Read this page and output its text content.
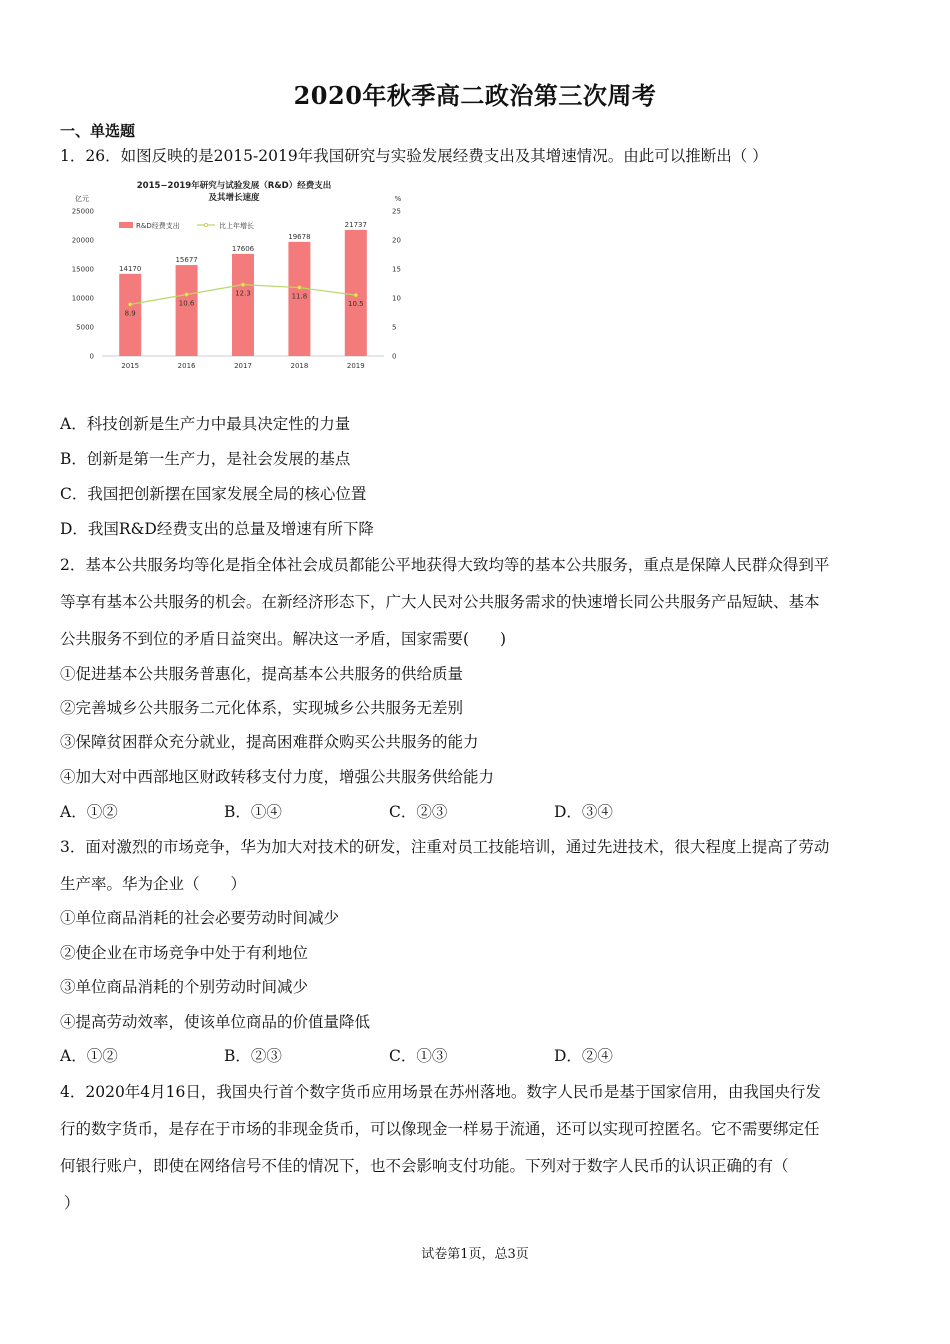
2020年秋季高二政治第三次周考
一、单选题
1．26．如图反映的是2015-2019年我国研究与实验发展经费支出及其增速情况。由此可以推断出（ ）
2015−2019年研究与试验发展（R&D）经费支出
及其增长速度
亿元	%
25000
20000
15000
10000
5000
0
25
20
15
10
5
0
2015	2016	2017	2018	2019
R&D经费支出	比上年增长
14170
15677
17606
19678
21737
8.9
10.6
12.3	11.8
10.5
A．科技创新是生产力中最具决定性的力量
B．创新是第一生产力，是社会发展的基点
C．我国把创新摆在国家发展全局的核心位置
D．我国R&D经费支出的总量及增速有所下降
2．基本公共服务均等化是指全体社会成员都能公平地获得大致均等的基本公共服务，重点是保障人民群众得到平
等享有基本公共服务的机会。在新经济形态下，广大人民对公共服务需求的快速增长同公共服务产品短缺、基本
公共服务不到位的矛盾日益突出。解决这一矛盾，国家需要(　　)
①促进基本公共服务普惠化，提高基本公共服务的供给质量
②完善城乡公共服务二元化体系，实现城乡公共服务无差别
③保障贫困群众充分就业，提高困难群众购买公共服务的能力
④加大对中西部地区财政转移支付力度，增强公共服务供给能力
A．①②	B．①④	C．②③	D．③④
3．面对激烈的市场竞争，华为加大对技术的研发，注重对员工技能培训，通过先进技术，很大程度上提高了劳动
生产率。华为企业（　　）
①单位商品消耗的社会必要劳动时间减少
②使企业在市场竞争中处于有利地位
③单位商品消耗的个别劳动时间减少
④提高劳动效率，使该单位商品的价值量降低
A．①②	B．②③	C．①③	D．②④
4．2020年4月16日，我国央行首个数字货币应用场景在苏州落地。数字人民币是基于国家信用，由我国央行发
行的数字货币，是存在于市场的非现金货币，可以像现金一样易于流通，还可以实现可控匿名。它不需要绑定任
何银行账户，即使在网络信号不佳的情况下，也不会影响支付功能。下列对于数字人民币的认识正确的有（
）
试卷第1页，总3页
